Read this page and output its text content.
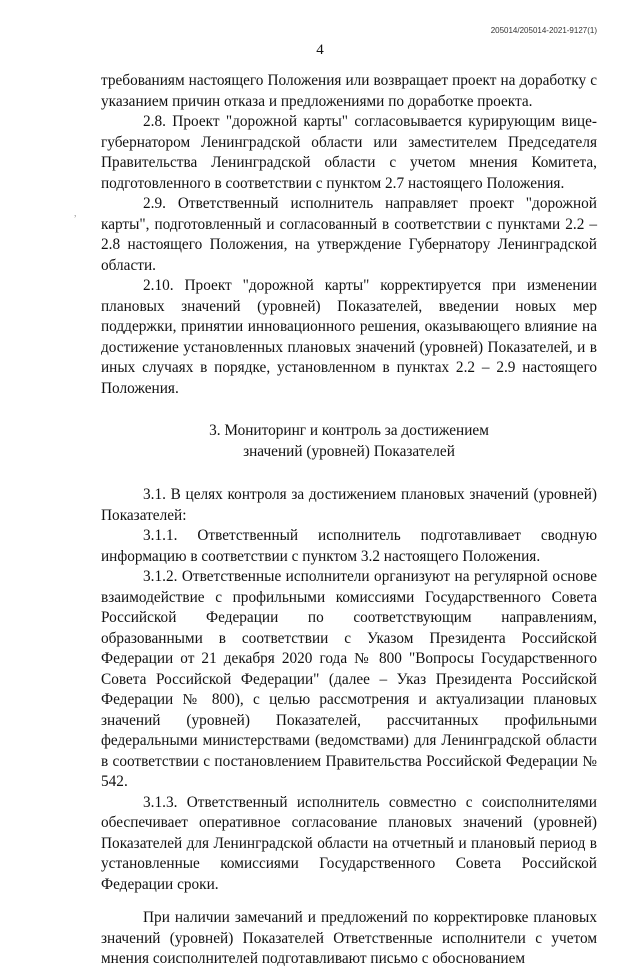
205014/205014-2021-9127(1)
4
,

требованиям настоящего Положения или возвращает проект на доработку с указанием причин отказа и предложениями по доработке проекта.

2.8. Проект "дорожной карты" согласовывается курирующим вице-губернатором Ленинградской области или заместителем Председателя Правительства Ленинградской области с учетом мнения Комитета, подготовленного в соответствии с пунктом 2.7 настоящего Положения.

2.9. Ответственный исполнитель направляет проект "дорожной карты", подготовленный и согласованный в соответствии с пунктами 2.2 – 2.8 настоящего Положения, на утверждение Губернатору Ленинградской области.

2.10. Проект "дорожной карты" корректируется при изменении плановых значений (уровней) Показателей, введении новых мер поддержки, принятии инновационного решения, оказывающего влияние на достижение установленных плановых значений (уровней) Показателей, и в иных случаях в порядке, установленном в пунктах 2.2 – 2.9 настоящего Положения.

3. Мониторинг и контроль за достижением
значений (уровней) Показателей

3.1. В целях контроля за достижением плановых значений (уровней) Показателей:

3.1.1. Ответственный исполнитель подготавливает сводную информацию в соответствии с пунктом 3.2 настоящего Положения.

3.1.2. Ответственные исполнители организуют на регулярной основе взаимодействие с профильными комиссиями Государственного Совета Российской Федерации по соответствующим направлениям, образованными в соответствии с Указом Президента Российской Федерации от 21 декабря 2020 года № 800 "Вопросы Государственного Совета Российской Федерации" (далее – Указ Президента Российской Федерации № 800), с целью рассмотрения и актуализации плановых значений (уровней) Показателей, рассчитанных профильными федеральными министерствами (ведомствами) для Ленинградской области в соответствии с постановлением Правительства Российской Федерации № 542.

3.1.3. Ответственный исполнитель совместно с соисполнителями обеспечивает оперативное согласование плановых значений (уровней) Показателей для Ленинградской области на отчетный и плановый период в установленные комиссиями Государственного Совета Российской Федерации сроки.

При наличии замечаний и предложений по корректировке плановых значений (уровней) Показателей Ответственные исполнители с учетом мнения соисполнителей подготавливают письмо с обоснованием
